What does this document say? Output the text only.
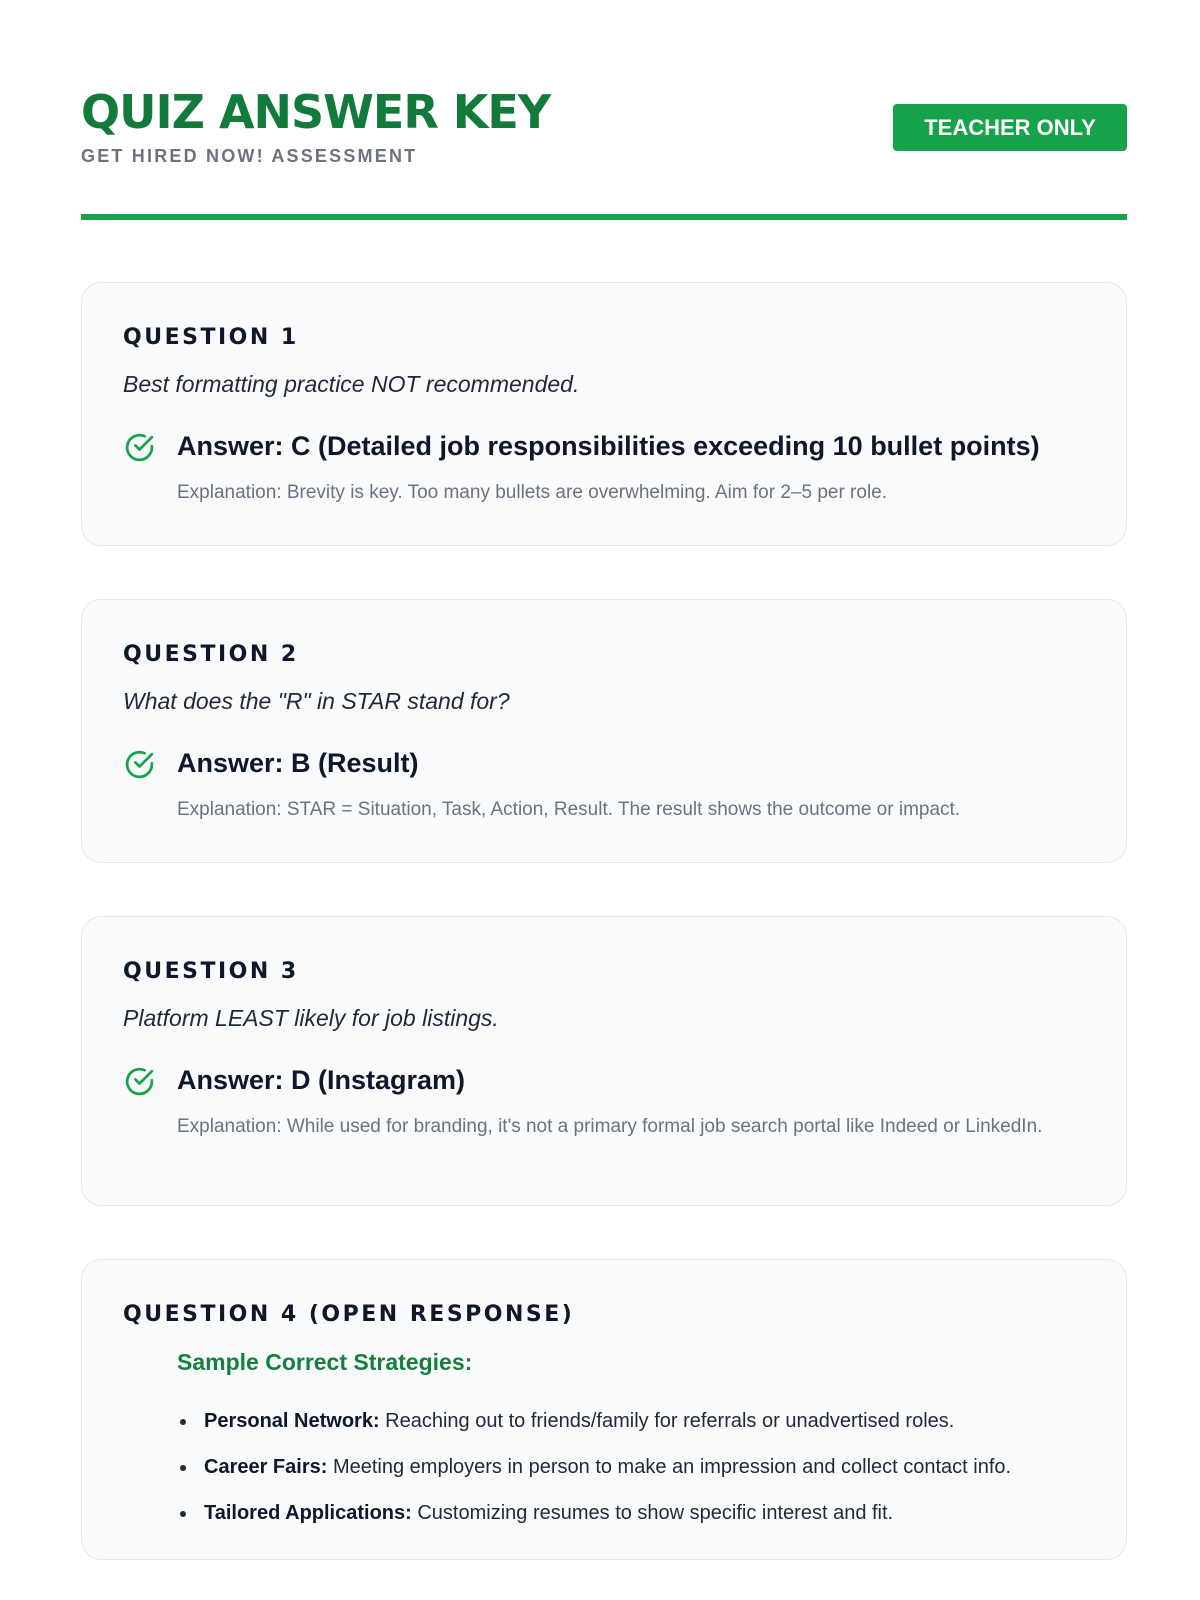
QUIZ ANSWER KEY
GET HIRED NOW! ASSESSMENT
TEACHER ONLY
QUESTION 1
Best formatting practice NOT recommended.
Answer: C (Detailed job responsibilities exceeding 10 bullet points)
Explanation: Brevity is key. Too many bullets are overwhelming. Aim for 2–5 per role.
QUESTION 2
What does the "R" in STAR stand for?
Answer: B (Result)
Explanation: STAR = Situation, Task, Action, Result. The result shows the outcome or impact.
QUESTION 3
Platform LEAST likely for job listings.
Answer: D (Instagram)
Explanation: While used for branding, it's not a primary formal job search portal like Indeed or LinkedIn.
QUESTION 4 (OPEN RESPONSE)
Sample Correct Strategies:
Personal Network: Reaching out to friends/family for referrals or unadvertised roles.
Career Fairs: Meeting employers in person to make an impression and collect contact info.
Tailored Applications: Customizing resumes to show specific interest and fit.
